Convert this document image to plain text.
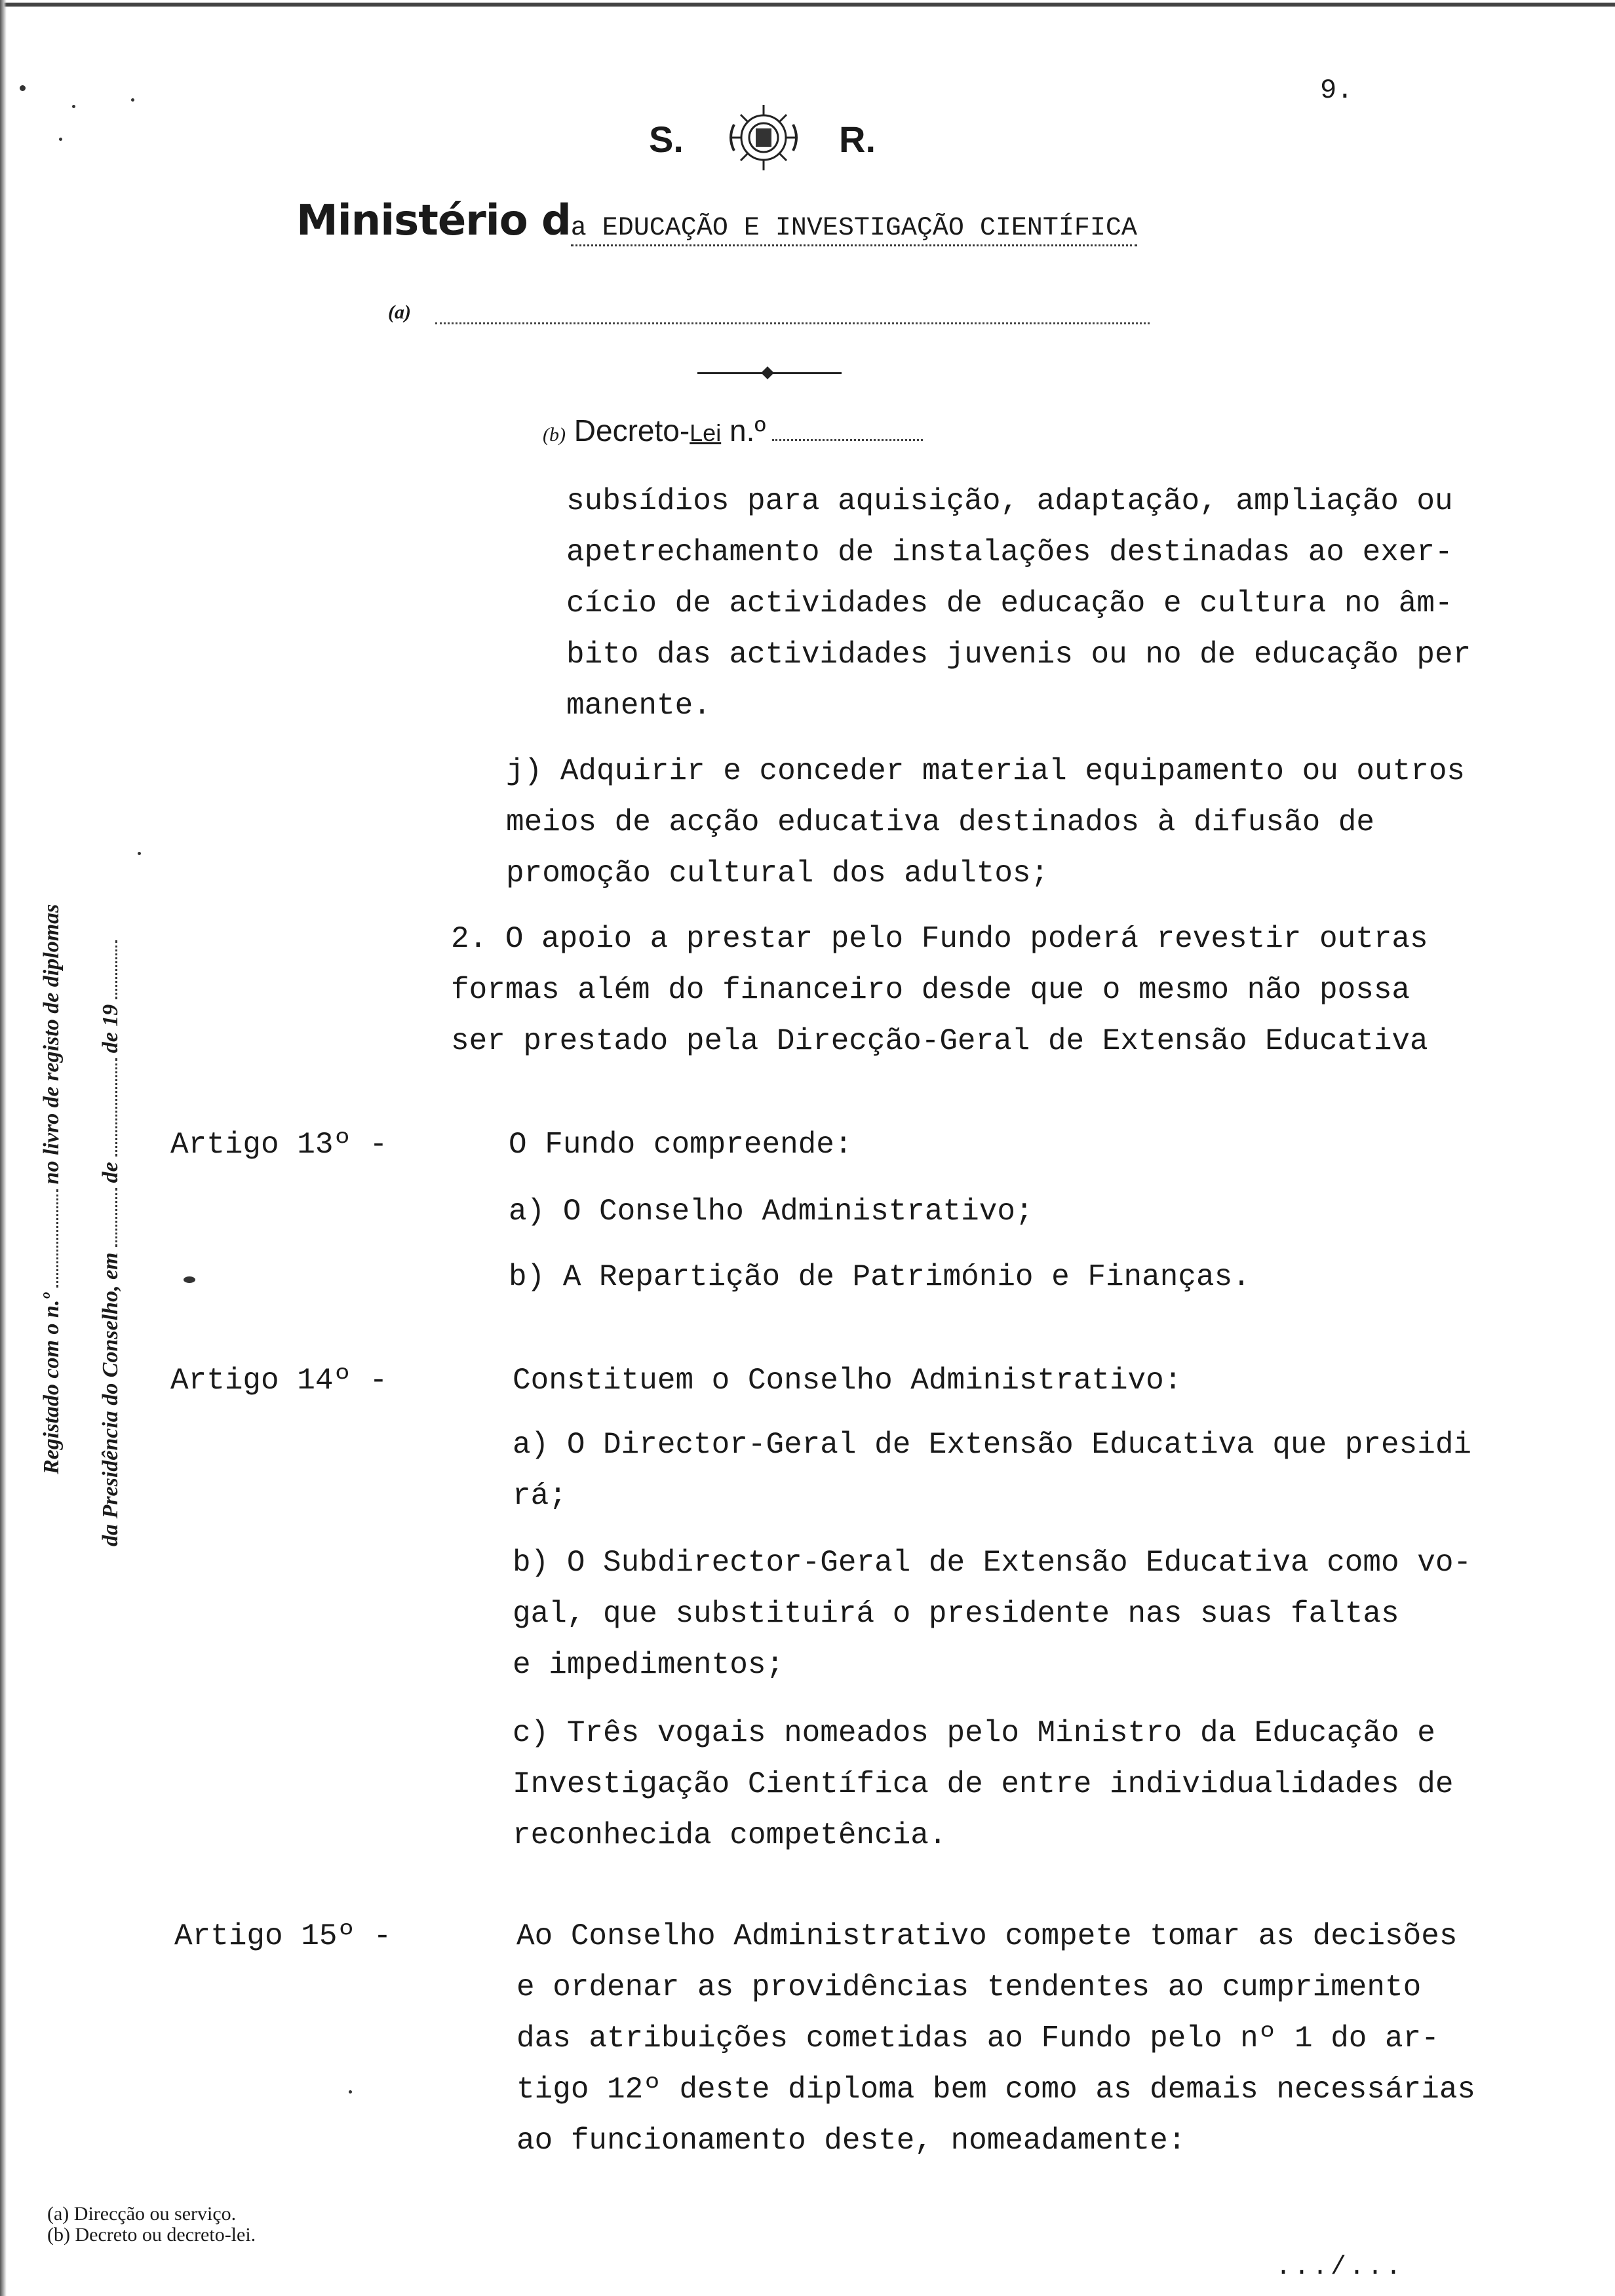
9.
S.	R.
Ministério da EDUCAÇÃO E INVESTIGAÇÃO CIENTÍFICA
(a)
(b) Decreto-Lei n.º
subsídios para aquisição, adaptação, ampliação ou
apetrechamento de instalações destinadas ao exer-
cício de actividades de educação e cultura no âm-
bito das actividades juvenis ou no de educação per
manente.
j) Adquirir e conceder material equipamento ou outros
meios de acção educativa destinados à difusão de
promoção cultural dos adultos;
2. O apoio a prestar pelo Fundo poderá revestir outras
formas além do financeiro desde que o mesmo não possa
ser prestado pela Direcção-Geral de Extensão Educativa
Artigo 13º -	O Fundo compreende:
a) O Conselho Administrativo;
b) A Repartição de Património e Finanças.
Artigo 14º -	Constituem o Conselho Administrativo:
a) O Director-Geral de Extensão Educativa que presidi
rá;
b) O Subdirector-Geral de Extensão Educativa como vo-
gal, que substituirá o presidente nas suas faltas
e impedimentos;
c) Três vogais nomeados pelo Ministro da Educação e
Investigação Científica de entre individualidades de
reconhecida competência.
Artigo 15º -	Ao Conselho Administrativo compete tomar as decisões
e ordenar as providências tendentes ao cumprimento
das atribuições cometidas ao Fundo pelo nº 1 do ar-
tigo 12º deste diploma bem como as demais necessárias
ao funcionamento deste, nomeadamente:
Registado com o n.ºno livro de registo de diplomas
da Presidência do Conselho, emdede 19
(a) Direcção ou serviço.
(b) Decreto ou decreto-lei.
.../...
